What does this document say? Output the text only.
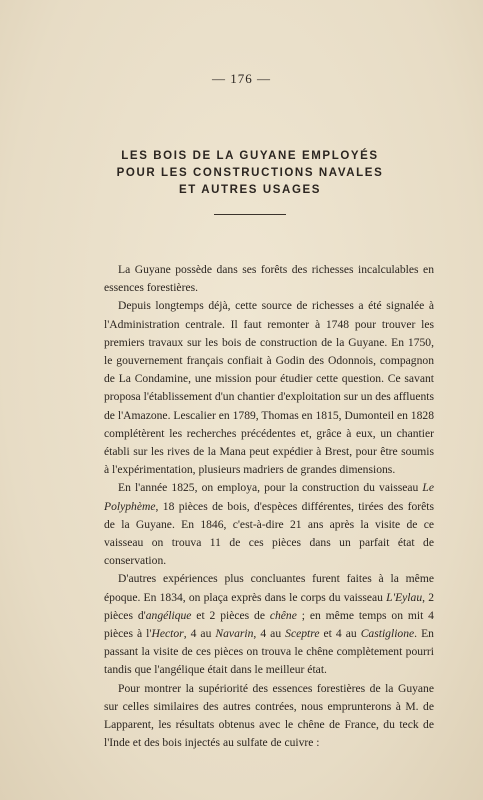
— 176 —
LES BOIS DE LA GUYANE EMPLOYÉS
POUR LES CONSTRUCTIONS NAVALES
ET AUTRES USAGES

La Guyane possède dans ses forêts des richesses incalculables en essences forestières.

Depuis longtemps déjà, cette source de richesses a été signalée à l'Administration centrale. Il faut remonter à 1748 pour trouver les premiers travaux sur les bois de construction de la Guyane. En 1750, le gouvernement français confiait à Godin des Odonnois, compagnon de La Condamine, une mission pour étudier cette question. Ce savant proposa l'établissement d'un chantier d'exploitation sur un des affluents de l'Amazone. Lescalier en 1789, Thomas en 1815, Dumonteil en 1828 complétèrent les recherches précédentes et, grâce à eux, un chantier établi sur les rives de la Mana peut expédier à Brest, pour être soumis à l'expérimentation, plusieurs madriers de grandes dimensions.

En l'année 1825, on employa, pour la construction du vaisseau Le Polyphème, 18 pièces de bois, d'espèces différentes, tirées des forêts de la Guyane. En 1846, c'est-à-dire 21 ans après la visite de ce vaisseau on trouva 11 de ces pièces dans un parfait état de conservation.

D'autres expériences plus concluantes furent faites à la même époque. En 1834, on plaça exprès dans le corps du vaisseau L'Eylau, 2 pièces d'angélique et 2 pièces de chêne ; en même temps on mit 4 pièces à l'Hector, 4 au Navarin, 4 au Sceptre et 4 au Castiglione. En passant la visite de ces pièces on trouva le chêne complètement pourri tandis que l'angélique était dans le meilleur état.

Pour montrer la supériorité des essences forestières de la Guyane sur celles similaires des autres contrées, nous emprunterons à M. de Lapparent, les résultats obtenus avec le chêne de France, du teck de l'Inde et des bois injectés au sulfate de cuivre :
